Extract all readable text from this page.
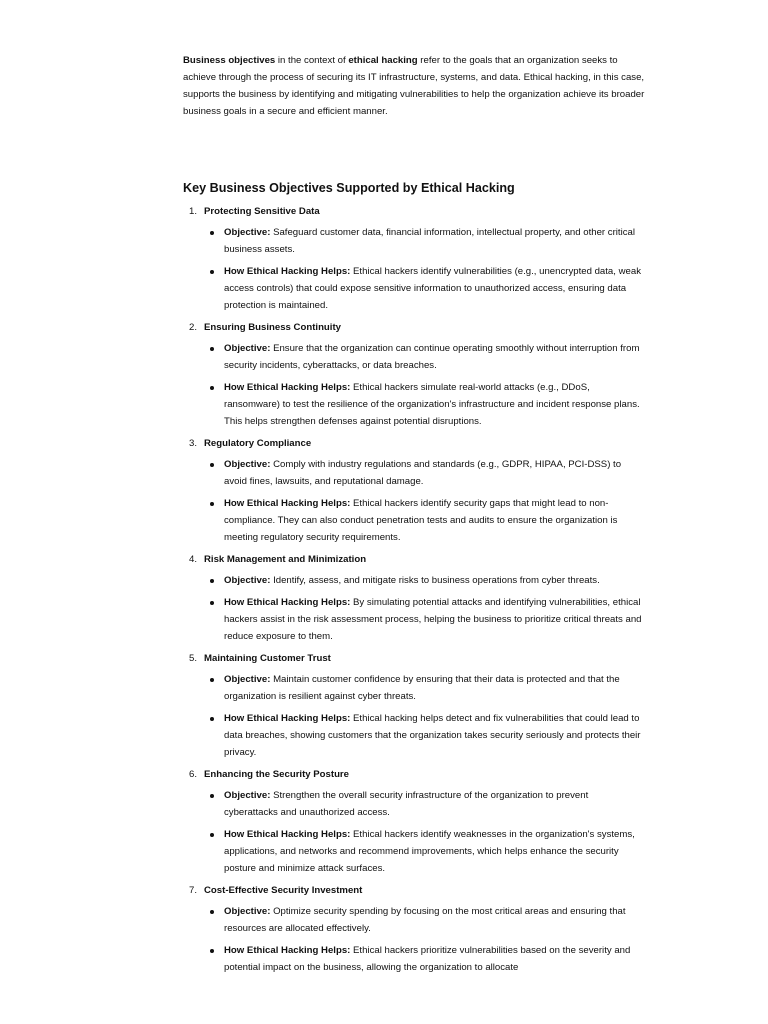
Business objectives in the context of ethical hacking refer to the goals that an organization seeks to achieve through the process of securing its IT infrastructure, systems, and data. Ethical hacking, in this case, supports the business by identifying and mitigating vulnerabilities to help the organization achieve its broader business goals in a secure and efficient manner.

Key Business Objectives Supported by Ethical Hacking
1. Protecting Sensitive Data
Objective: Safeguard customer data, financial information, intellectual property, and other critical business assets.
How Ethical Hacking Helps: Ethical hackers identify vulnerabilities (e.g., unencrypted data, weak access controls) that could expose sensitive information to unauthorized access, ensuring data protection is maintained.
2. Ensuring Business Continuity
Objective: Ensure that the organization can continue operating smoothly without interruption from security incidents, cyberattacks, or data breaches.
How Ethical Hacking Helps: Ethical hackers simulate real-world attacks (e.g., DDoS, ransomware) to test the resilience of the organization's infrastructure and incident response plans. This helps strengthen defenses against potential disruptions.
3. Regulatory Compliance
Objective: Comply with industry regulations and standards (e.g., GDPR, HIPAA, PCI-DSS) to avoid fines, lawsuits, and reputational damage.
How Ethical Hacking Helps: Ethical hackers identify security gaps that might lead to non-compliance. They can also conduct penetration tests and audits to ensure the organization is meeting regulatory security requirements.
4. Risk Management and Minimization
Objective: Identify, assess, and mitigate risks to business operations from cyber threats.
How Ethical Hacking Helps: By simulating potential attacks and identifying vulnerabilities, ethical hackers assist in the risk assessment process, helping the business to prioritize critical threats and reduce exposure to them.
5. Maintaining Customer Trust
Objective: Maintain customer confidence by ensuring that their data is protected and that the organization is resilient against cyber threats.
How Ethical Hacking Helps: Ethical hacking helps detect and fix vulnerabilities that could lead to data breaches, showing customers that the organization takes security seriously and protects their privacy.
6. Enhancing the Security Posture
Objective: Strengthen the overall security infrastructure of the organization to prevent cyberattacks and unauthorized access.
How Ethical Hacking Helps: Ethical hackers identify weaknesses in the organization's systems, applications, and networks and recommend improvements, which helps enhance the security posture and minimize attack surfaces.
7. Cost-Effective Security Investment
Objective: Optimize security spending by focusing on the most critical areas and ensuring that resources are allocated effectively.
How Ethical Hacking Helps: Ethical hackers prioritize vulnerabilities based on the severity and potential impact on the business, allowing the organization to allocate
